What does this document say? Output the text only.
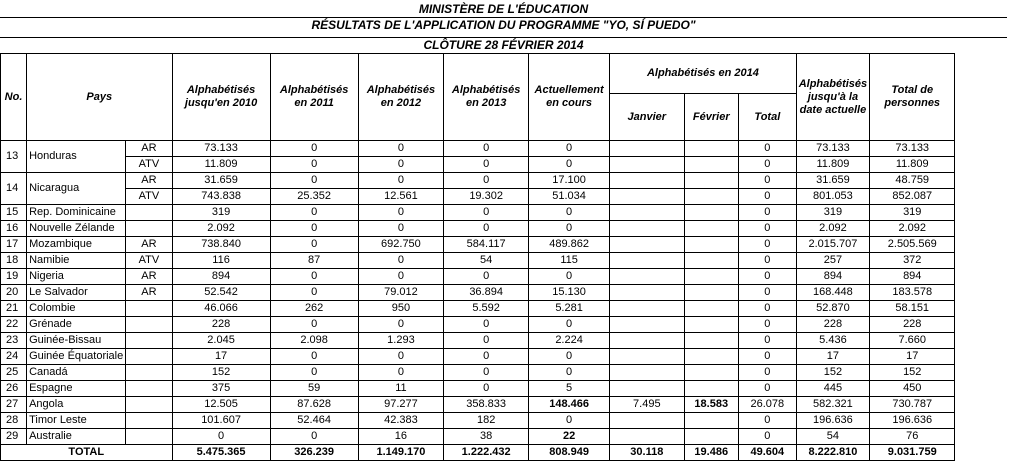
MINISTÈRE DE L'ÉDUCATION
RÉSULTATS DE L'APPLICATION DU PROGRAMME "YO, SÍ PUEDO"
CLÔTURE 28 FÉVRIER 2014
No.	Pays		Alphabétisés jusqu'en 2010	Alphabétisés en 2011	Alphabétisés en 2012	Alphabétisés en 2013	Actuellement en cours	Alphabétisés en 2014			Alphabétisés jusqu'à la date actuelle	Total de personnes
								Janvier	Février	Total		
13	Honduras	AR	73.133	0	0	0	0			0	73.133	73.133
		ATV	11.809	0	0	0	0			0	11.809	11.809
14	Nicaragua	AR	31.659	0	0	0	17.100			0	31.659	48.759
		ATV	743.838	25.352	12.561	19.302	51.034			0	801.053	852.087
15	Rep. Dominicaine		319	0	0	0	0			0	319	319
16	Nouvelle Zélande		2.092	0	0	0	0			0	2.092	2.092
17	Mozambique	AR	738.840	0	692.750	584.117	489.862			0	2.015.707	2.505.569
18	Namibie	ATV	116	87	0	54	115			0	257	372
19	Nigeria	AR	894	0	0	0	0			0	894	894
20	Le Salvador	AR	52.542	0	79.012	36.894	15.130			0	168.448	183.578
21	Colombie		46.066	262	950	5.592	5.281			0	52.870	58.151
22	Grénade		228	0	0	0	0			0	228	228
23	Guinée-Bissau		2.045	2.098	1.293	0	2.224			0	5.436	7.660
24	Guinée Équatoriale		17	0	0	0	0			0	17	17
25	Canadá		152	0	0	0	0			0	152	152
26	Espagne		375	59	11	0	5			0	445	450
27	Angola		12.505	87.628	97.277	358.833	148.466	7.495	18.583	26.078	582.321	730.787
28	Timor Leste		101.607	52.464	42.383	182	0			0	196.636	196.636
29	Australie		0	0	16	38	22			0	54	76
TOTAL			5.475.365	326.239	1.149.170	1.222.432	808.949	30.118	19.486	49.604	8.222.810	9.031.759
